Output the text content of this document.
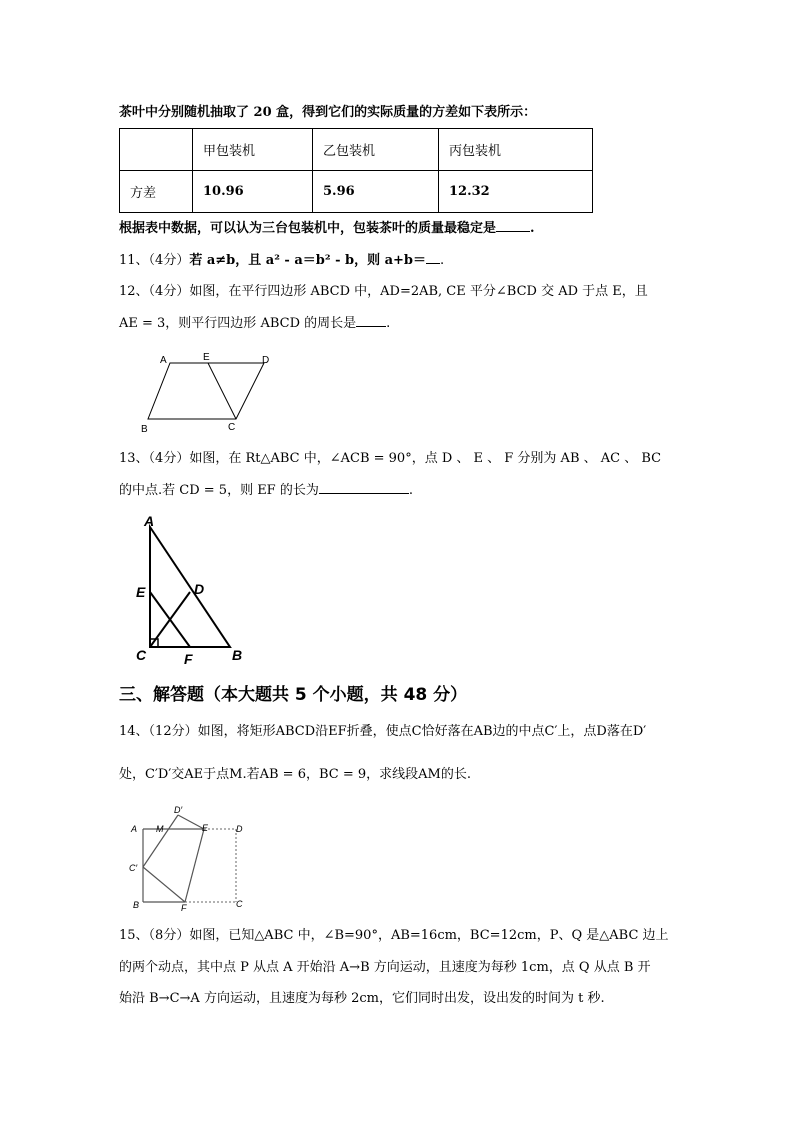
茶叶中分别随机抽取了 20 盒，得到它们的实际质量的方差如下表所示：
	甲包装机	乙包装机	丙包装机
方差	10.96	5.96	12.32
根据表中数据，可以认为三台包装机中，包装茶叶的质量最稳定是	.
11、（4分）若 a≠b，且 a² - a＝b² - b，则 a+b＝ .
12、（4分）如图，在平行四边形 ABCD 中，AD=2AB, CE 平分∠BCD 交 AD 于点 E，且
AE = 3，则平行四边形 ABCD 的周长是 .
A	E	D
B	C
13、（4分）如图，在 Rt△ABC 中，∠ACB = 90°，点 D 、 E 、 F 分别为 AB 、 AC 、 BC
的中点.若 CD = 5，则 EF 的长为	.
A
E	D
C	F	B
三、解答题（本大题共 5 个小题，共 48 分）
14、（12分）如图，将矩形ABCD沿EF折叠，使点C恰好落在AB边的中点C′上，点D落在D′
处，C′D′交AE于点M.若AB = 6，BC = 9，求线段AM的长.
A M
D′
E	D
C′
B	F	C
15、（8分）如图，已知△ABC 中，∠B=90°，AB=16cm，BC=12cm，P、Q 是△ABC 边上
的两个动点，其中点 P 从点 A 开始沿 A→B 方向运动，且速度为每秒 1cm，点 Q 从点 B 开
始沿 B→C→A 方向运动，且速度为每秒 2cm，它们同时出发，设出发的时间为 t 秒.
